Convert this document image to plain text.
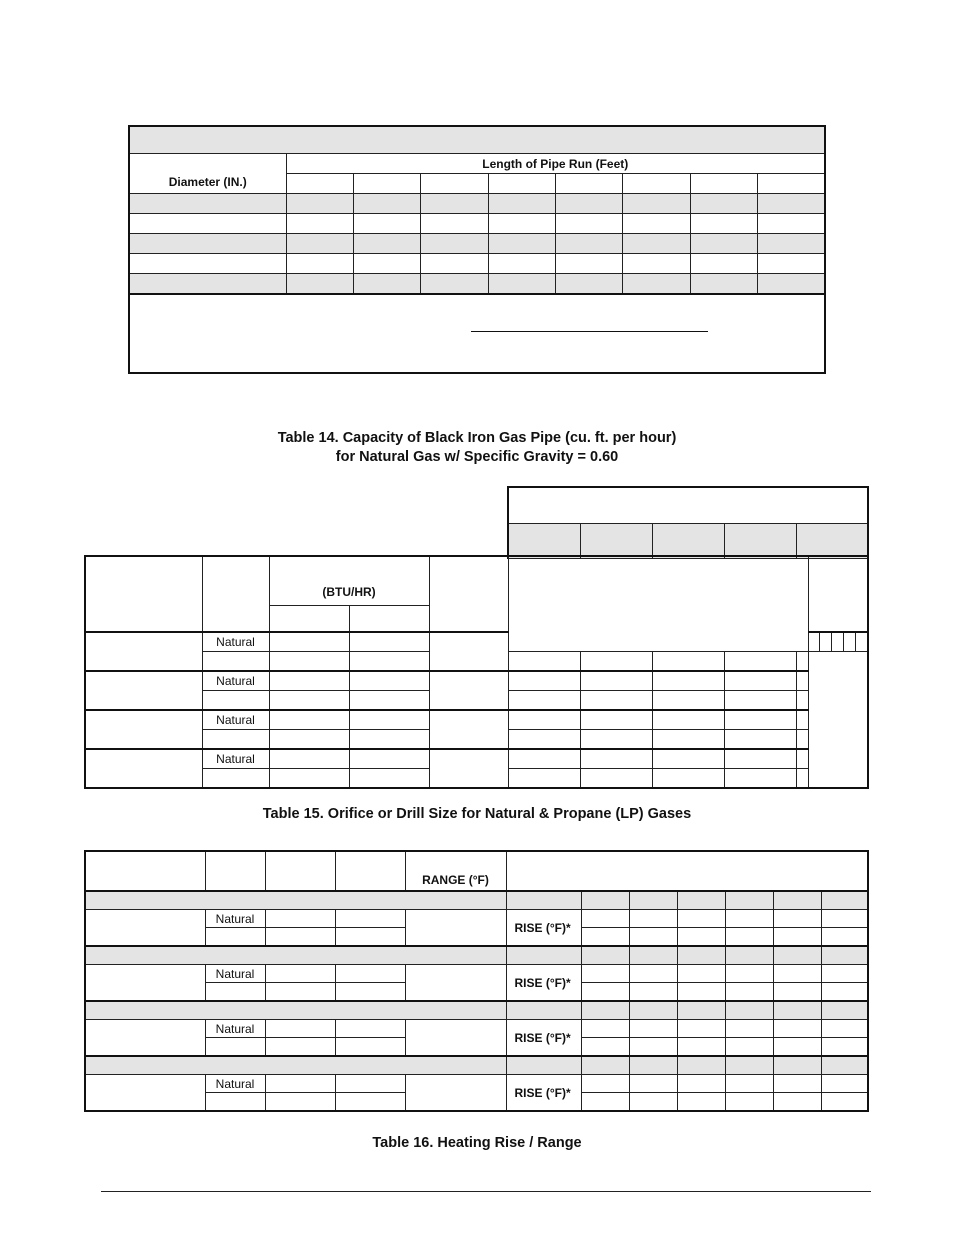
Diameter (IN.)	Length of Pipe Run (Feet)							

Table 14. Capacity of Black Iron Gas Pipe (cu. ft. per hour)
for Natural Gas w/ Specific Gravity = 0.60

		(BTU/HR)												

	Natural													

	Natural													

	Natural													

	Natural													

Table 15. Orifice or Drill Size for Natural & Propane (LP) Gases
				RANGE (°F)							

	Natural				RISE (°F)*						

	Natural				RISE (°F)*						

	Natural				RISE (°F)*						

	Natural				RISE (°F)*						

Table 16. Heating Rise / Range
